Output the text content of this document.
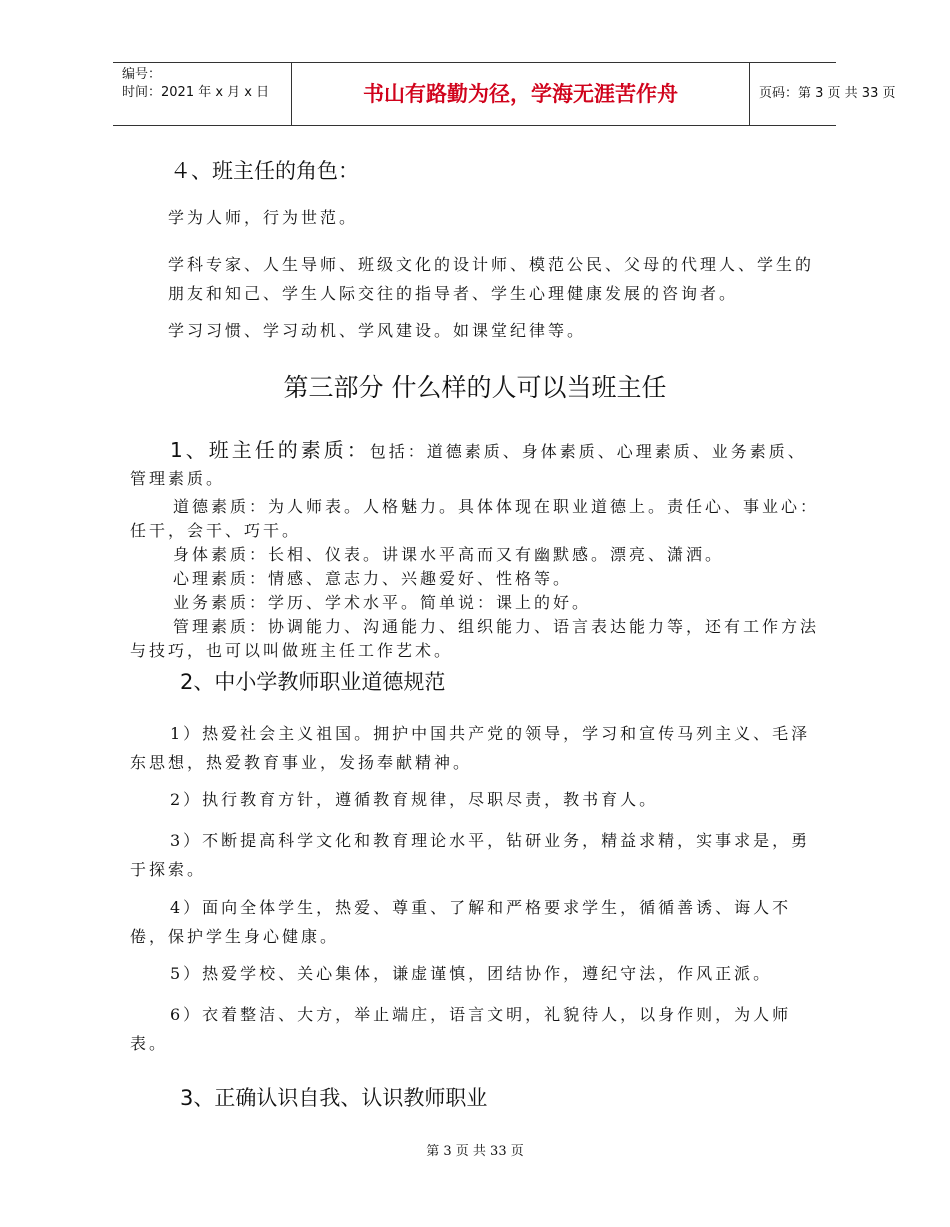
编号：
时间：2021 年 x 月 x 日	书山有路勤为径，学海无涯苦作舟	页码：第 3 页 共 33 页
４、班主任的角色：
学为人师，行为世范。
学科专家、人生导师、班级文化的设计师、模范公民、父母的代理人、学生的朋友和知己、学生人际交往的指导者、学生心理健康发展的咨询者。
学习习惯、学习动机、学风建设。如课堂纪律等。
第三部分 什么样的人可以当班主任
1、班主任的素质：包括：道德素质、身体素质、心理素质、业务素质、管理素质。
道德素质：为人师表。人格魅力。具体体现在职业道德上。责任心、事业心：任干，会干、巧干。
身体素质：长相、仪表。讲课水平高而又有幽默感。漂亮、潇洒。
心理素质：情感、意志力、兴趣爱好、性格等。
业务素质：学历、学术水平。简单说：课上的好。
管理素质：协调能力、沟通能力、组织能力、语言表达能力等，还有工作方法与技巧，也可以叫做班主任工作艺术。
2、中小学教师职业道德规范
1）热爱社会主义祖国。拥护中国共产党的领导，学习和宣传马列主义、毛泽东思想，热爱教育事业，发扬奉献精神。
2）执行教育方针，遵循教育规律，尽职尽责，教书育人。
3）不断提高科学文化和教育理论水平，钻研业务，精益求精，实事求是，勇于探索。
4）面向全体学生，热爱、尊重、了解和严格要求学生，循循善诱、诲人不倦，保护学生身心健康。
5）热爱学校、关心集体，谦虚谨慎，团结协作，遵纪守法，作风正派。
6）衣着整洁、大方，举止端庄，语言文明，礼貌待人，以身作则，为人师表。
3、正确认识自我、认识教师职业
第 3 页 共 33 页
